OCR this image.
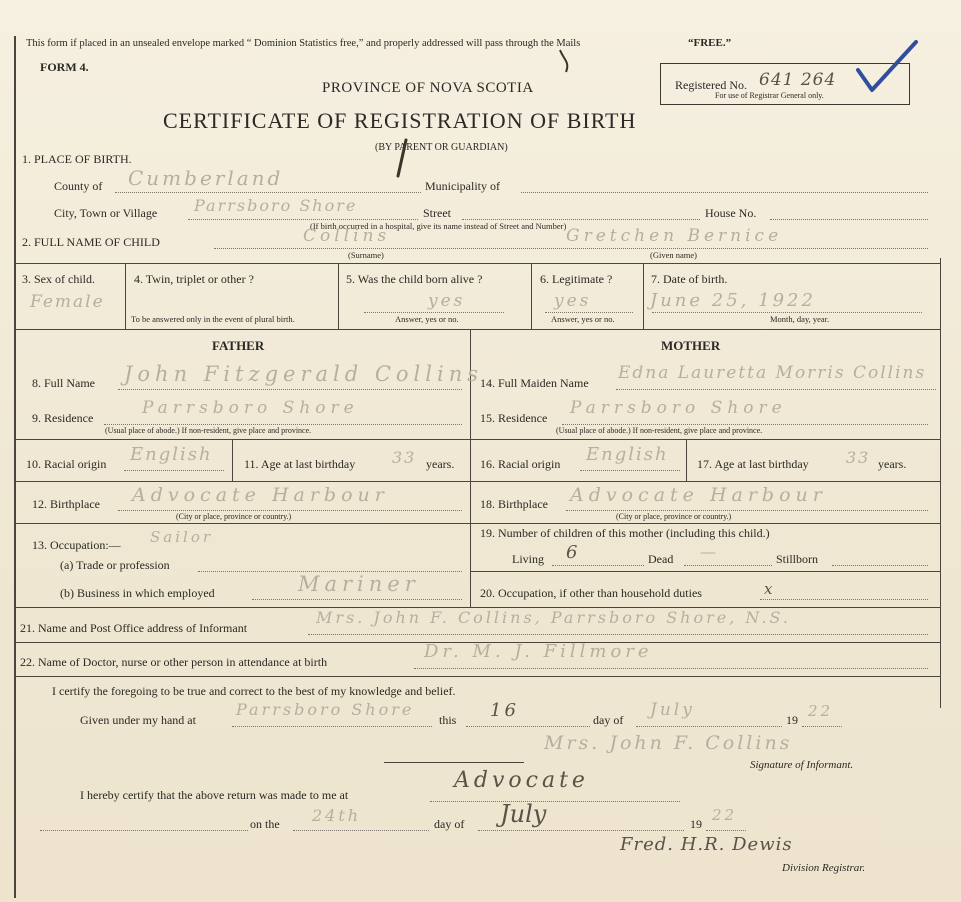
This form if placed in an unsealed envelope marked “ Dominion Statistics free,” and properly addressed will pass through the Mails	“FREE.”
FORM 4.
PROVINCE OF NOVA SCOTIA
CERTIFICATE OF REGISTRATION OF BIRTH
(BY PARENT OR GUARDIAN)
Registered No. 641 264
For use of Registrar General only.
1. PLACE OF BIRTH.
County of Cumberland	Municipality of
City, Town or Village Parrsboro Shore	Street	House No.
(If birth occurred in a hospital, give its name instead of Street and Number)
2. FULL NAME OF CHILD	Collins	Gretchen Bernice
(Surname)	(Given name)
3. Sex of child.
Female
4. Twin, triplet or other ?
To be answered only in the event of plural birth.
5. Was the child born alive ?
yes
Answer, yes or no.
6. Legitimate ?
yes
Answer, yes or no.
7. Date of birth.
June 25, 1922
Month, day, year.
FATHER
8. Full Name John Fitzgerald Collins
9. Residence	Parrsboro Shore
(Usual place of abode.) If non-resident, give place and province.
10. Racial origin English	11. Age at last birthday 33 years.
12. Birthplace Advocate Harbour
(City or place, province or country.)
13. Occupation:— Sailor
(a) Trade or profession
(b) Business in which employed	Mariner
MOTHER
14. Full Maiden Name Edna Lauretta Morris Collins
15. Residence Parrsboro Shore
(Usual place of abode.) If non-resident, give place and province.
16. Racial origin English 17. Age at last birthday 33 years.
18. Birthplace Advocate Harbour
(City or place, province or country.)
19. Number of children of this mother (including this child.)
Living 6	Dead —	Stillborn
20. Occupation, if other than household duties	x
21. Name and Post Office address of Informant
Mrs. John F. Collins, Parrsboro Shore, N.S.
22. Name of Doctor, nurse or other person in attendance at birth	Dr. M. J. Fillmore
I certify the foregoing to be true and correct to the best of my knowledge and belief.
Given under my hand at
Parrsboro Shore
this 16	day of July	19 22
Mrs. John F. Collins
Signature of Informant.
I hereby certify that the above return was made to me at
Advocate
on the 24th	day of July	19 22
Fred. H.R. Dewis
Division Registrar.
